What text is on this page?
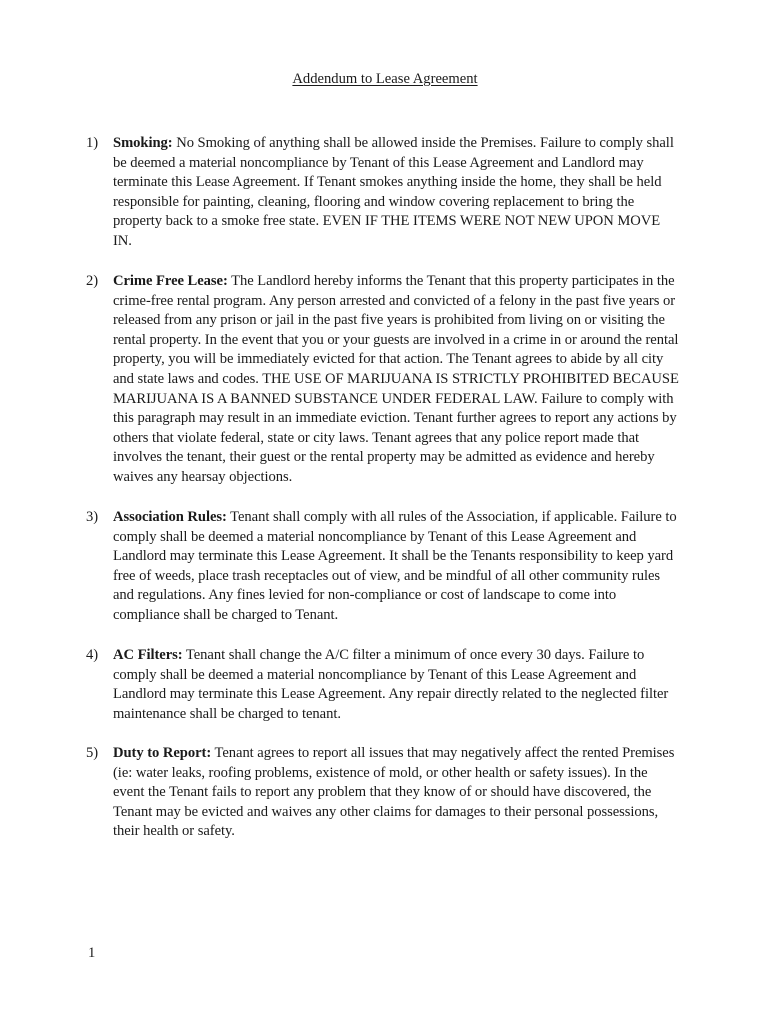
Addendum to Lease Agreement
1) Smoking: No Smoking of anything shall be allowed inside the Premises. Failure to comply shall be deemed a material noncompliance by Tenant of this Lease Agreement and Landlord may terminate this Lease Agreement. If Tenant smokes anything inside the home, they shall be held responsible for painting, cleaning, flooring and window covering replacement to bring the property back to a smoke free state. EVEN IF THE ITEMS WERE NOT NEW UPON MOVE IN.
2) Crime Free Lease: The Landlord hereby informs the Tenant that this property participates in the crime-free rental program. Any person arrested and convicted of a felony in the past five years or released from any prison or jail in the past five years is prohibited from living on or visiting the rental property. In the event that you or your guests are involved in a crime in or around the rental property, you will be immediately evicted for that action. The Tenant agrees to abide by all city and state laws and codes. THE USE OF MARIJUANA IS STRICTLY PROHIBITED BECAUSE MARIJUANA IS A BANNED SUBSTANCE UNDER FEDERAL LAW. Failure to comply with this paragraph may result in an immediate eviction. Tenant further agrees to report any actions by others that violate federal, state or city laws. Tenant agrees that any police report made that involves the tenant, their guest or the rental property may be admitted as evidence and hereby waives any hearsay objections.
3) Association Rules: Tenant shall comply with all rules of the Association, if applicable. Failure to comply shall be deemed a material noncompliance by Tenant of this Lease Agreement and Landlord may terminate this Lease Agreement. It shall be the Tenants responsibility to keep yard free of weeds, place trash receptacles out of view, and be mindful of all other community rules and regulations. Any fines levied for non-compliance or cost of landscape to come into compliance shall be charged to Tenant.
4) AC Filters: Tenant shall change the A/C filter a minimum of once every 30 days. Failure to comply shall be deemed a material noncompliance by Tenant of this Lease Agreement and Landlord may terminate this Lease Agreement. Any repair directly related to the neglected filter maintenance shall be charged to tenant.
5) Duty to Report: Tenant agrees to report all issues that may negatively affect the rented Premises (ie: water leaks, roofing problems, existence of mold, or other health or safety issues). In the event the Tenant fails to report any problem that they know of or should have discovered, the Tenant may be evicted and waives any other claims for damages to their personal possessions, their health or safety.
1
